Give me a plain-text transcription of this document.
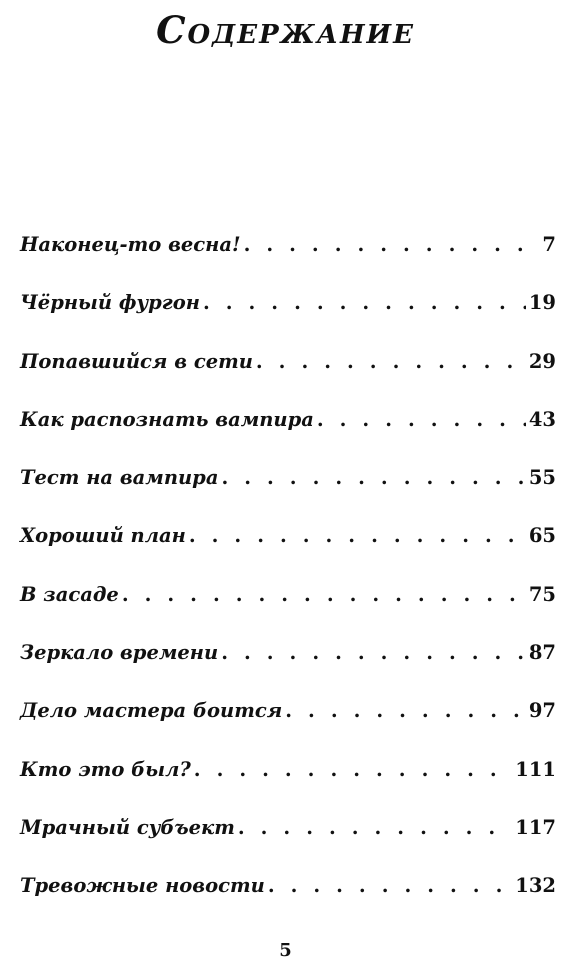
Содержание
Наконец-то весна! . . .	7
Чёрный фургон . . .	19
Попавшийся в сети . . .	29
Как распознать вампира . . .	43
Тест на вампира . . .	55
Хороший план . . .	65
В засаде . . .	75
Зеркало времени . . .	87
Дело мастера боится . . .	97
Кто это был? . . .	111
Мрачный субъект . . .	117
Тревожные новости . . .	132
5
